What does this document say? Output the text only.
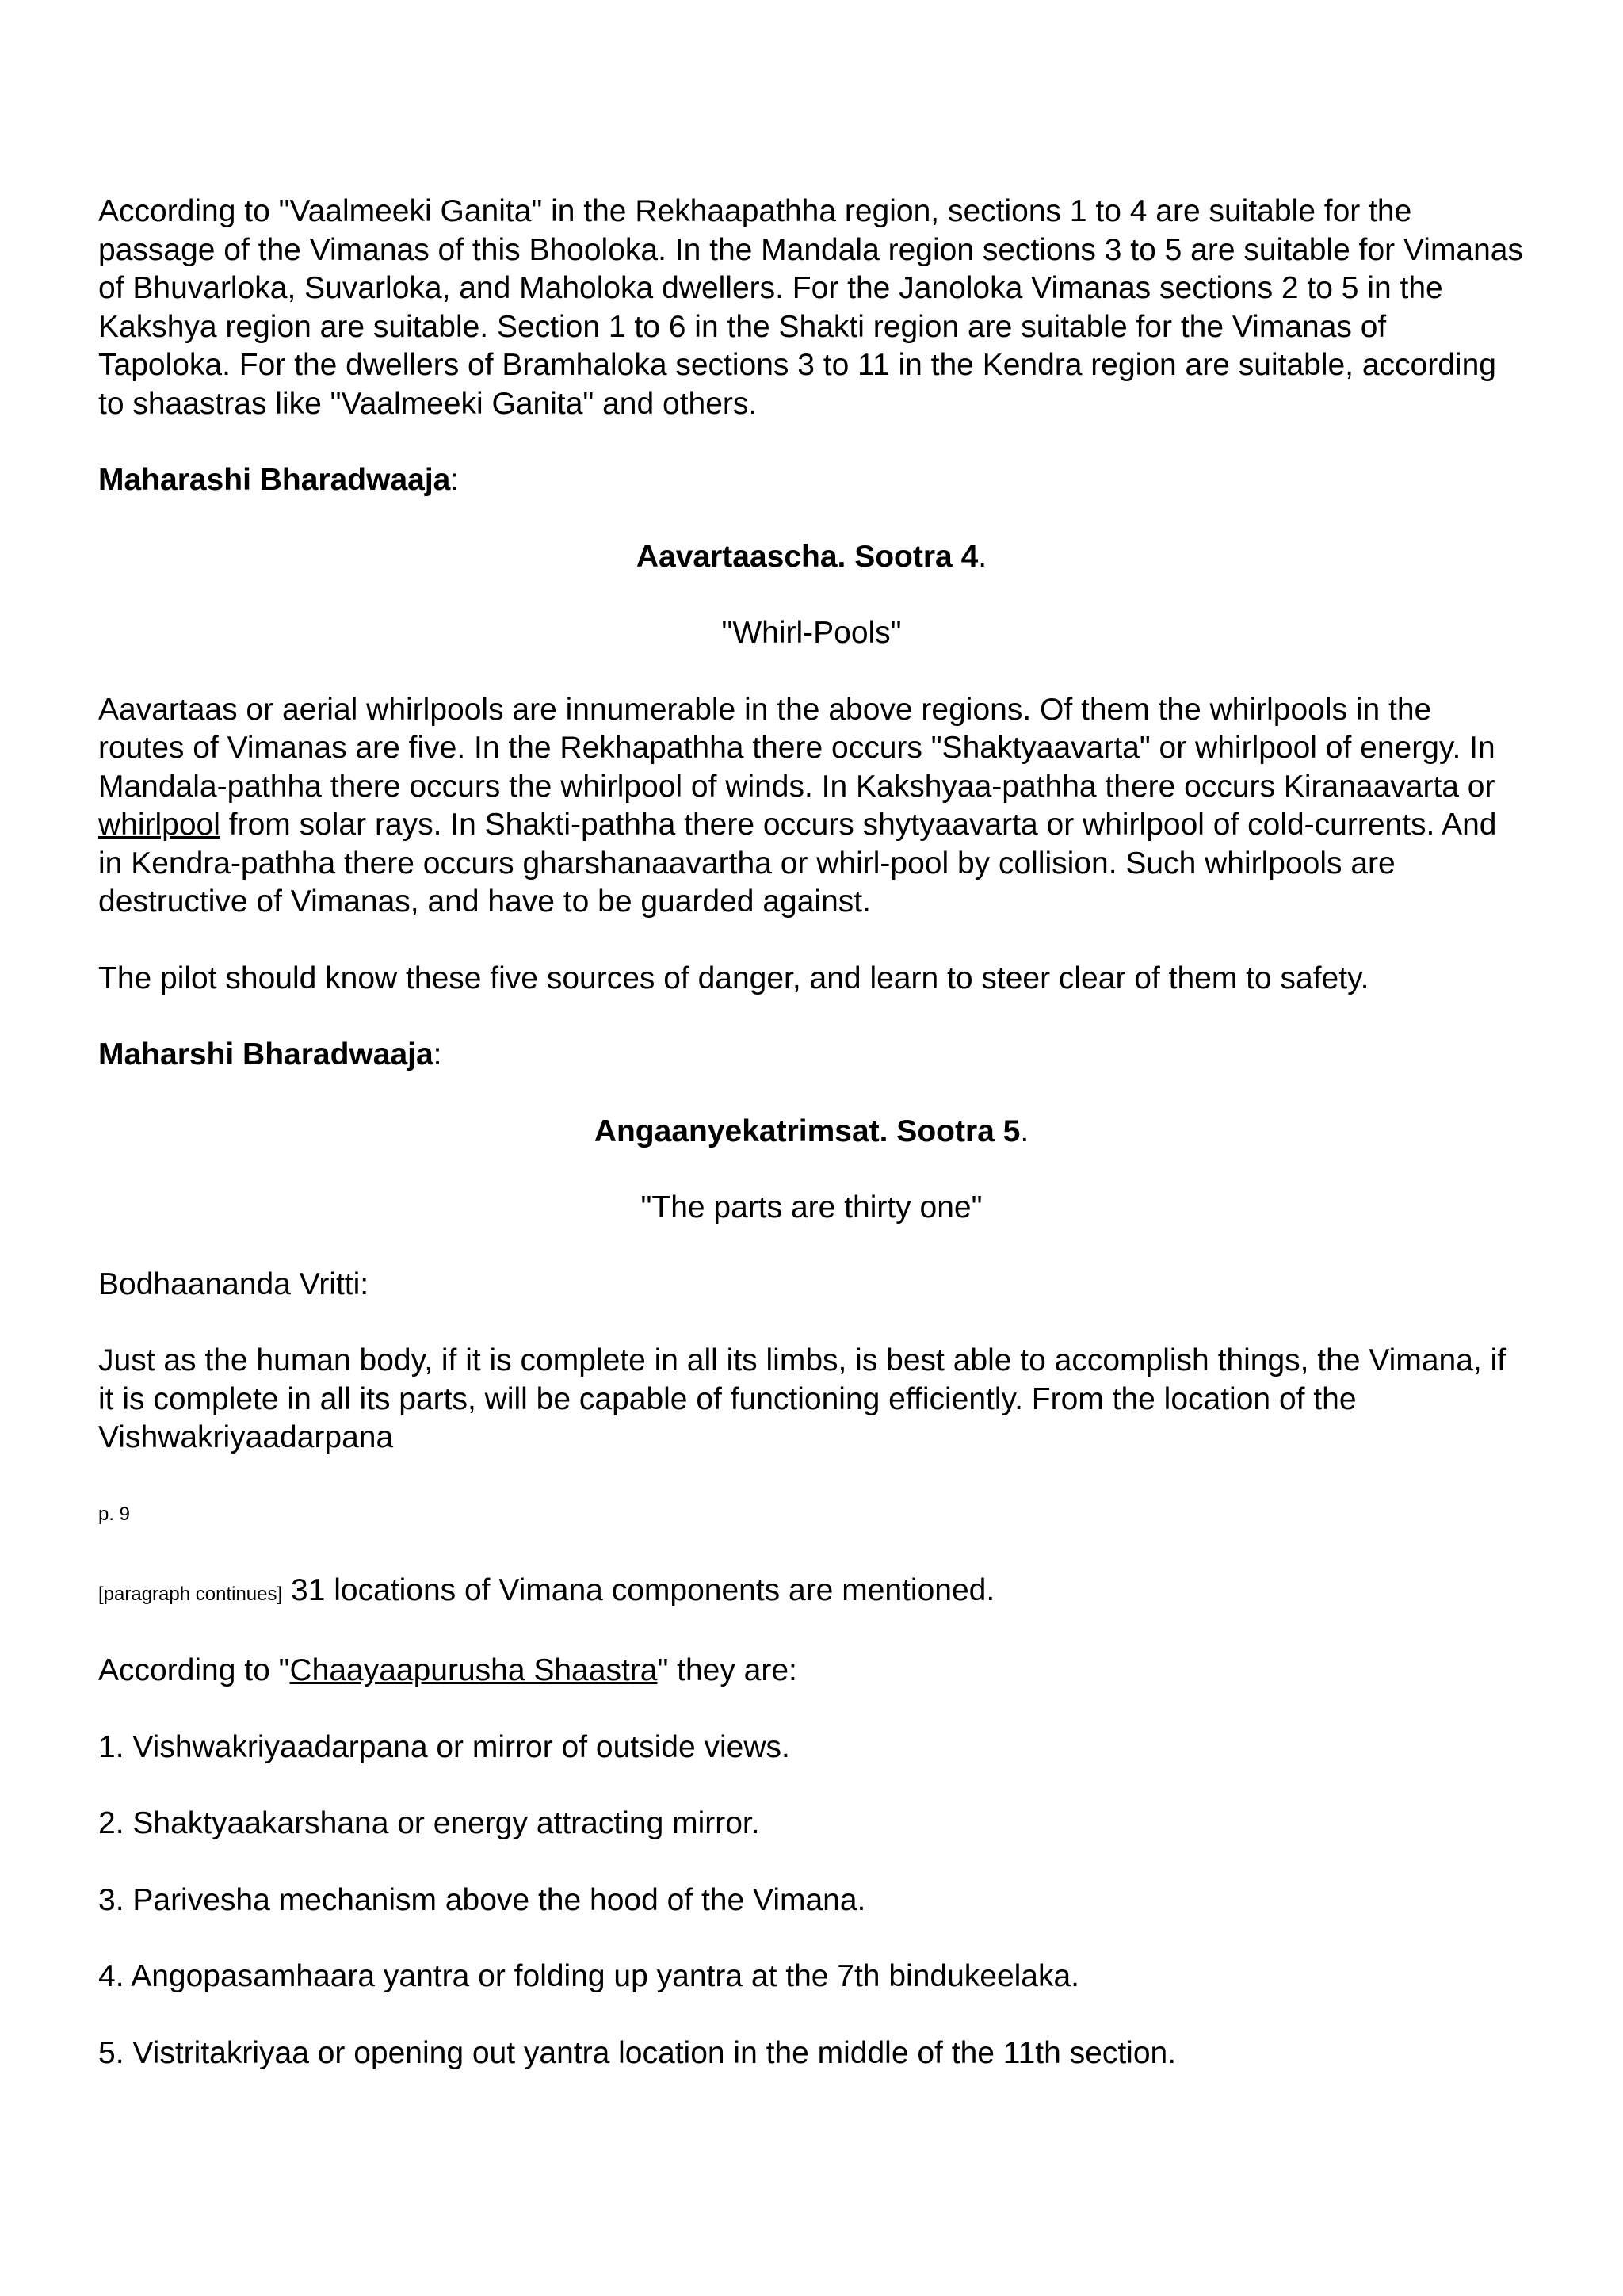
According to "Vaalmeeki Ganita" in the Rekhaapathha region, sections 1 to 4 are suitable for the passage of the Vimanas of this Bhooloka. In the Mandala region sections 3 to 5 are suitable for Vimanas of Bhuvarloka, Suvarloka, and Maholoka dwellers. For the Janoloka Vimanas sections 2 to 5 in the Kakshya region are suitable. Section 1 to 6 in the Shakti region are suitable for the Vimanas of Tapoloka. For the dwellers of Bramhaloka sections 3 to 11 in the Kendra region are suitable, according to shaastras like "Vaalmeeki Ganita" and others.

Maharashi Bharadwaaja:

Aavartaascha. Sootra 4.

"Whirl-Pools"

Aavartaas or aerial whirlpools are innumerable in the above regions. Of them the whirlpools in the routes of Vimanas are five. In the Rekhapathha there occurs "Shaktyaavarta" or whirlpool of energy. In Mandala-pathha there occurs the whirlpool of winds. In Kakshyaa-pathha there occurs Kiranaavarta or whirlpool from solar rays. In Shakti-pathha there occurs shytyaavarta or whirlpool of cold-currents. And in Kendra-pathha there occurs gharshanaavartha or whirl-pool by collision. Such whirlpools are destructive of Vimanas, and have to be guarded against.

The pilot should know these five sources of danger, and learn to steer clear of them to safety.

Maharshi Bharadwaaja:

Angaanyekatrimsat. Sootra 5.

"The parts are thirty one"

Bodhaananda Vritti:

Just as the human body, if it is complete in all its limbs, is best able to accomplish things, the Vimana, if it is complete in all its parts, will be capable of functioning efficiently. From the location of the Vishwakriyaadarpana

p. 9

[paragraph continues] 31 locations of Vimana components are mentioned.

According to "Chaayaapurusha Shaastra" they are:

1. Vishwakriyaadarpana or mirror of outside views.

2. Shaktyaakarshana or energy attracting mirror.

3. Parivesha mechanism above the hood of the Vimana.

4. Angopasamhaara yantra or folding up yantra at the 7th bindukeelaka.

5. Vistritakriyaa or opening out yantra location in the middle of the 11th section.
